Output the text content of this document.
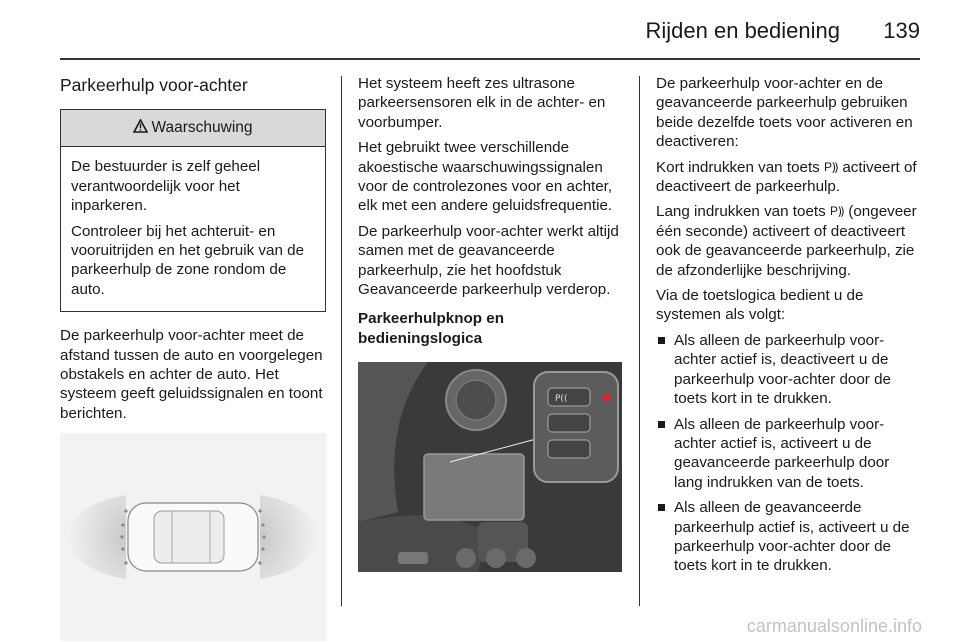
Rijden en bediening 139
Parkeerhulp voor-achter
Waarschuwing

De bestuurder is zelf geheel verantwoordelijk voor het inparkeren.

Controleer bij het achteruit- en vooruitrijden en het gebruik van de parkeerhulp de zone rondom de auto.

De parkeerhulp voor-achter meet de afstand tussen de auto en voorgelegen obstakels en achter de auto. Het systeem geeft geluidssignalen en toont berichten.

Het systeem heeft zes ultrasone parkeersensoren elk in de achter- en voorbumper.

Het gebruikt twee verschillende akoestische waarschuwingssignalen voor de controlezones voor en achter, elk met een andere geluidsfrequentie.

De parkeerhulp voor-achter werkt altijd samen met de geavanceerde parkeerhulp, zie het hoofdstuk Geavanceerde parkeerhulp verderop.

Parkeerhulpknop en
bedieningslogica
P((

De parkeerhulp voor-achter en de geavanceerde parkeerhulp gebruiken beide dezelfde toets voor activeren en deactiveren:

Kort indrukken van toets P⸩ activeert of deactiveert de parkeerhulp.

Lang indrukken van toets P⸩ (ongeveer één seconde) activeert of deactiveert ook de geavanceerde parkeerhulp, zie de afzonderlijke beschrijving.

Via de toetslogica bedient u de systemen als volgt:

Als alleen de parkeerhulp voor-achter actief is, deactiveert u de parkeerhulp voor-achter door de toets kort in te drukken.
Als alleen de parkeerhulp voor-achter actief is, activeert u de geavanceerde parkeerhulp door lang indrukken van de toets.
Als alleen de geavanceerde parkeerhulp actief is, activeert u de parkeerhulp voor-achter door de toets kort in te drukken.
carmanualsonline.info
